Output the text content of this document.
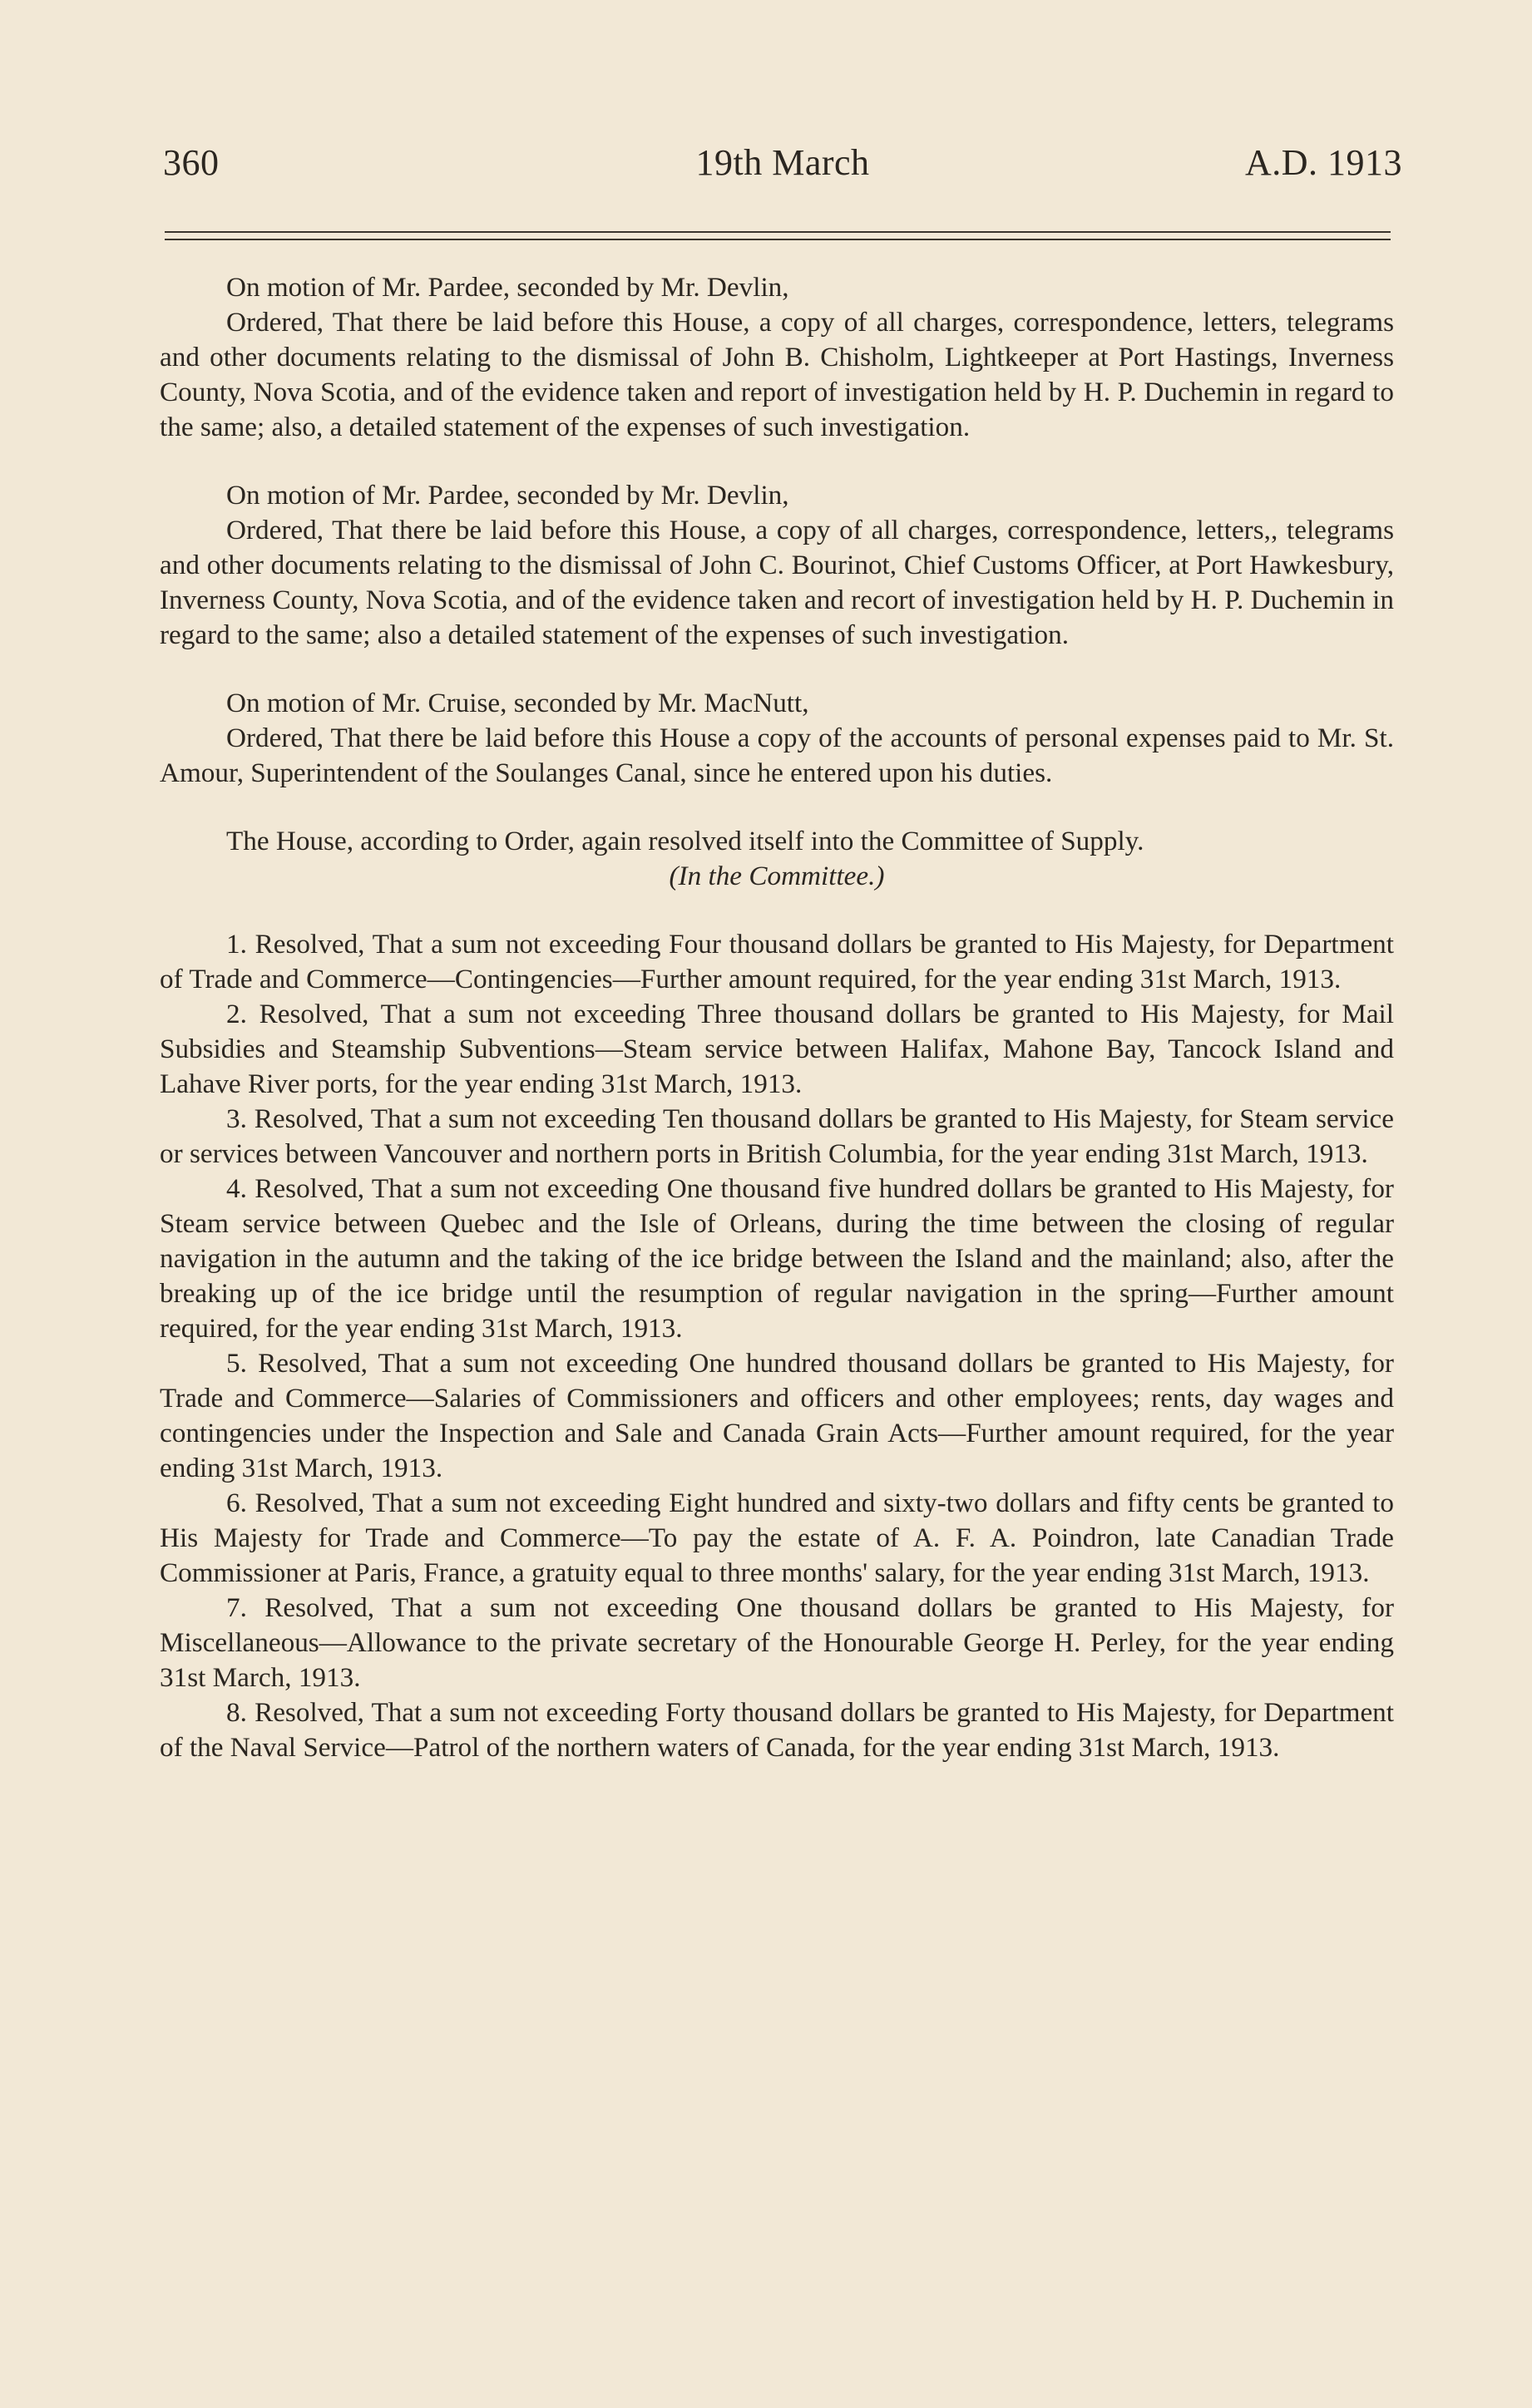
360	19th March	A.D. 1913

On motion of Mr. Pardee, seconded by Mr. Devlin,

Ordered, That there be laid before this House, a copy of all charges, correspondence, letters, telegrams and other documents relating to the dismissal of John B. Chisholm, Lightkeeper at Port Hastings, Inverness County, Nova Scotia, and of the evidence taken and report of investigation held by H. P. Duchemin in regard to the same; also, a detailed statement of the expenses of such investigation.

On motion of Mr. Pardee, seconded by Mr. Devlin,

Ordered, That there be laid before this House, a copy of all charges, correspondence, letters,, telegrams and other documents relating to the dismissal of John C. Bourinot, Chief Customs Officer, at Port Hawkesbury, Inverness County, Nova Scotia, and of the evidence taken and recort of investigation held by H. P. Duchemin in regard to the same; also a detailed statement of the expenses of such investigation.

On motion of Mr. Cruise, seconded by Mr. MacNutt,

Ordered, That there be laid before this House a copy of the accounts of personal expenses paid to Mr. St. Amour, Superintendent of the Soulanges Canal, since he entered upon his duties.

The House, according to Order, again resolved itself into the Committee of Supply.

(In the Committee.)

1. Resolved, That a sum not exceeding Four thousand dollars be granted to His Majesty, for Department of Trade and Commerce—Contingencies—Further amount required, for the year ending 31st March, 1913.

2. Resolved, That a sum not exceeding Three thousand dollars be granted to His Majesty, for Mail Subsidies and Steamship Subventions—Steam service between Halifax, Mahone Bay, Tancock Island and Lahave River ports, for the year ending 31st March, 1913.

3. Resolved, That a sum not exceeding Ten thousand dollars be granted to His Majesty, for Steam service or services between Vancouver and northern ports in British Columbia, for the year ending 31st March, 1913.

4. Resolved, That a sum not exceeding One thousand five hundred dollars be granted to His Majesty, for Steam service between Quebec and the Isle of Orleans, during the time between the closing of regular navigation in the autumn and the taking of the ice bridge between the Island and the mainland; also, after the breaking up of the ice bridge until the resumption of regular navigation in the spring—Further amount required, for the year ending 31st March, 1913.

5. Resolved, That a sum not exceeding One hundred thousand dollars be granted to His Majesty, for Trade and Commerce—Salaries of Commissioners and officers and other employees; rents, day wages and contingencies under the Inspection and Sale and Canada Grain Acts—Further amount required, for the year ending 31st March, 1913.

6. Resolved, That a sum not exceeding Eight hundred and sixty-two dollars and fifty cents be granted to His Majesty for Trade and Commerce—To pay the estate of A. F. A. Poindron, late Canadian Trade Commissioner at Paris, France, a gratuity equal to three months' salary, for the year ending 31st March, 1913.

7. Resolved, That a sum not exceeding One thousand dollars be granted to His Majesty, for Miscellaneous—Allowance to the private secretary of the Honourable George H. Perley, for the year ending 31st March, 1913.

8. Resolved, That a sum not exceeding Forty thousand dollars be granted to His Majesty, for Department of the Naval Service—Patrol of the northern waters of Canada, for the year ending 31st March, 1913.
